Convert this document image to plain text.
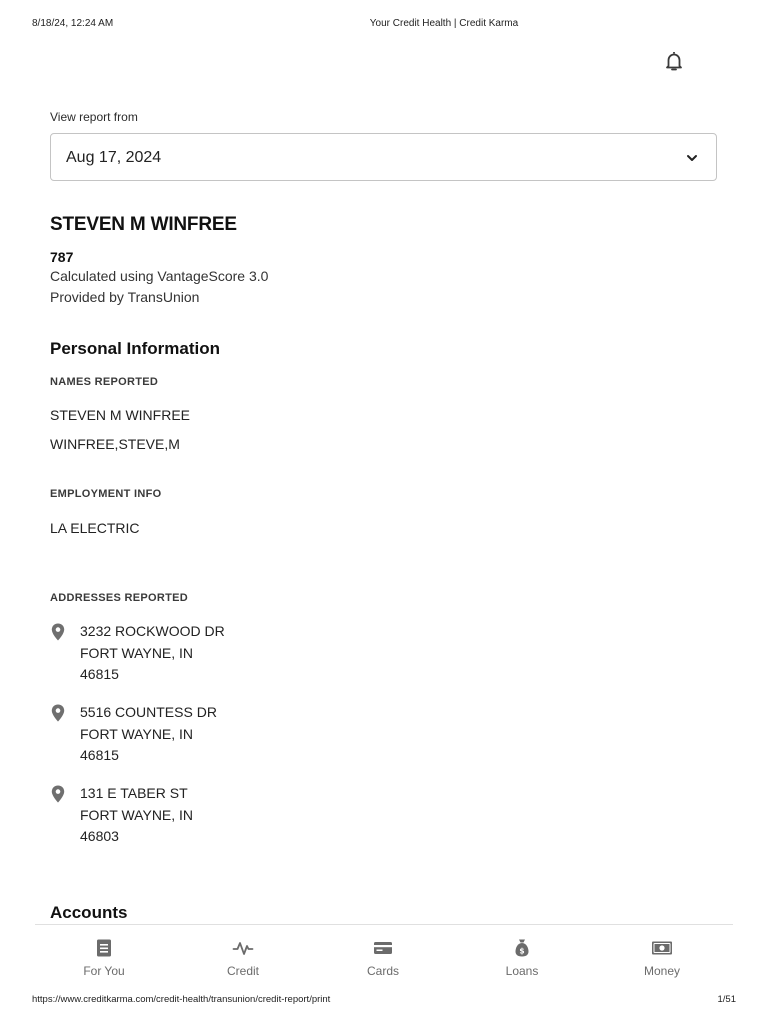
8/18/24, 12:24 AM	Your Credit Health | Credit Karma
View report from
Aug 17, 2024
STEVEN M WINFREE
787
Calculated using VantageScore 3.0
Provided by TransUnion
Personal Information
NAMES REPORTED
STEVEN M WINFREE
WINFREE,STEVE,M
EMPLOYMENT INFO
LA ELECTRIC
ADDRESSES REPORTED
3232 ROCKWOOD DR
FORT WAYNE, IN
46815
5516 COUNTESS DR
FORT WAYNE, IN
46815
131 E TABER ST
FORT WAYNE, IN
46803
Accounts
For You	Credit	Cards
$
Loans	Money
https://www.creditkarma.com/credit-health/transunion/credit-report/print	1/51
